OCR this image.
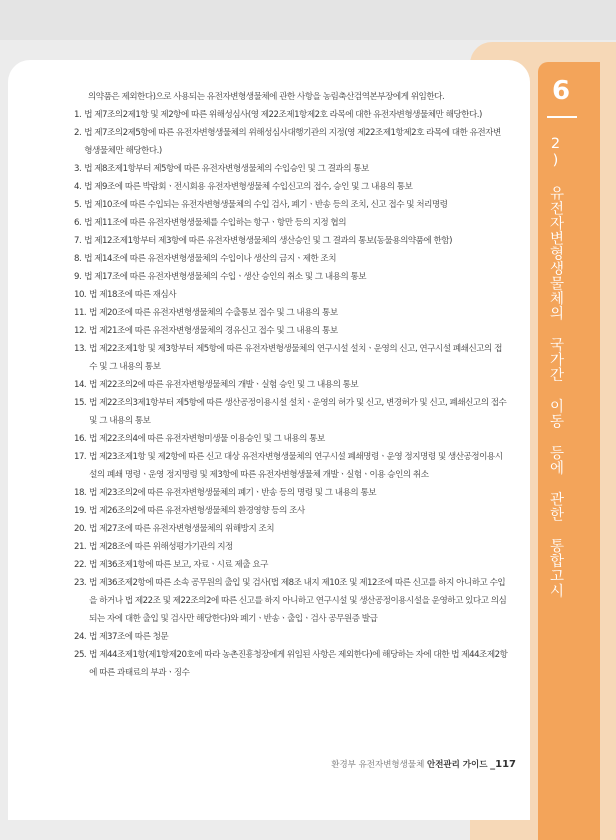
6
2) 유전자변형생물체의 국가간 이동 등에 관한 통합고시

의약품은 제외한다)으로 사용되는 유전자변형생물체에 관한 사항을 농림축산검역본부장에게 위임한다.

1. 법 제7조의2제1항 및 제2항에 따른 위해성심사(영 제22조제1항제2호 라목에 대한 유전자변형생물체만 해당한다.)
2. 법 제7조의2제5항에 따른 유전자변형생물체의 위해성심사대행기관의 지정(영 제22조제1항제2호 라목에 대한 유전자변형생물체만 해당한다.)
3. 법 제8조제1항부터 제5항에 따른 유전자변형생물체의 수입승인 및 그 결과의 통보
4. 법 제9조에 따른 박람회ㆍ전시회용 유전자변형생물체 수입신고의 접수, 승인 및 그 내용의 통보
5. 법 제10조에 따른 수입되는 유전자변형생물체의 수입 검사, 폐기ㆍ반송 등의 조치, 신고 접수 및 처리명령
6. 법 제11조에 따른 유전자변형생물체를 수입하는 항구ㆍ항만 등의 지정 협의
7. 법 제12조제1항부터 제3항에 따른 유전자변형생물체의 생산승인 및 그 결과의 통보(동물용의약품에 한함)
8. 법 제14조에 따른 유전자변형생물체의 수입이나 생산의 금지ㆍ제한 조치
9. 법 제17조에 따른 유전자변형생물체의 수입ㆍ생산 승인의 취소 및 그 내용의 통보
10. 법 제18조에 따른 재심사
11. 법 제20조에 따른 유전자변형생물체의 수출통보 접수 및 그 내용의 통보
12. 법 제21조에 따른 유전자변형생물체의 경유신고 접수 및 그 내용의 통보
13. 법 제22조제1항 및 제3항부터 제5항에 따른 유전자변형생물체의 연구시설 설치ㆍ운영의 신고, 연구시설 폐쇄신고의 접수 및 그 내용의 통보
14. 법 제22조의2에 따른 유전자변형생물체의 개발ㆍ실험 승인 및 그 내용의 통보
15. 법 제22조의3제1항부터 제5항에 따른 생산공정이용시설 설치ㆍ운영의 허가 및 신고, 변경허가 및 신고, 폐쇄신고의 접수 및 그 내용의 통보
16. 법 제22조의4에 따른 유전자변형미생물 이용승인 및 그 내용의 통보
17. 법 제23조제1항 및 제2항에 따른 신고 대상 유전자변형생물체의 연구시설 폐쇄명령ㆍ운영 정지명령 및 생산공정이용시설의 폐쇄 명령ㆍ운영 정지명령 및 제3항에 따른 유전자변형생물체 개발ㆍ실험ㆍ이용 승인의 취소
18. 법 제23조의2에 따른 유전자변형생물체의 폐기ㆍ반송 등의 명령 및 그 내용의 통보
19. 법 제26조의2에 따른 유전자변형생물체의 환경영향 등의 조사
20. 법 제27조에 따른 유전자변형생물체의 위해방지 조치
21. 법 제28조에 따른 위해성평가기관의 지정
22. 법 제36조제1항에 따른 보고, 자료ㆍ시료 제출 요구
23. 법 제36조제2항에 따른 소속 공무원의 출입 및 검사(법 제8조 내지 제10조 및 제12조에 따른 신고를 하지 아니하고 수입을 하거나 법 제22조 및 제22조의2에 따른 신고를 하지 아니하고 연구시설 및 생산공정이용시설을 운영하고 있다고 의심되는 자에 대한 출입 및 검사만 해당한다)와 폐기ㆍ반송ㆍ출입ㆍ검사 공무원증 발급
24. 법 제37조에 따른 청문
25. 법 제44조제1항(제1항제20호에 따라 농촌진흥청장에게 위임된 사항은 제외한다)에 해당하는 자에 대한 법 제44조제2항에 따른 과태료의 부과ㆍ징수
환경부 유전자변형생물체 안전관리 가이드 _117
